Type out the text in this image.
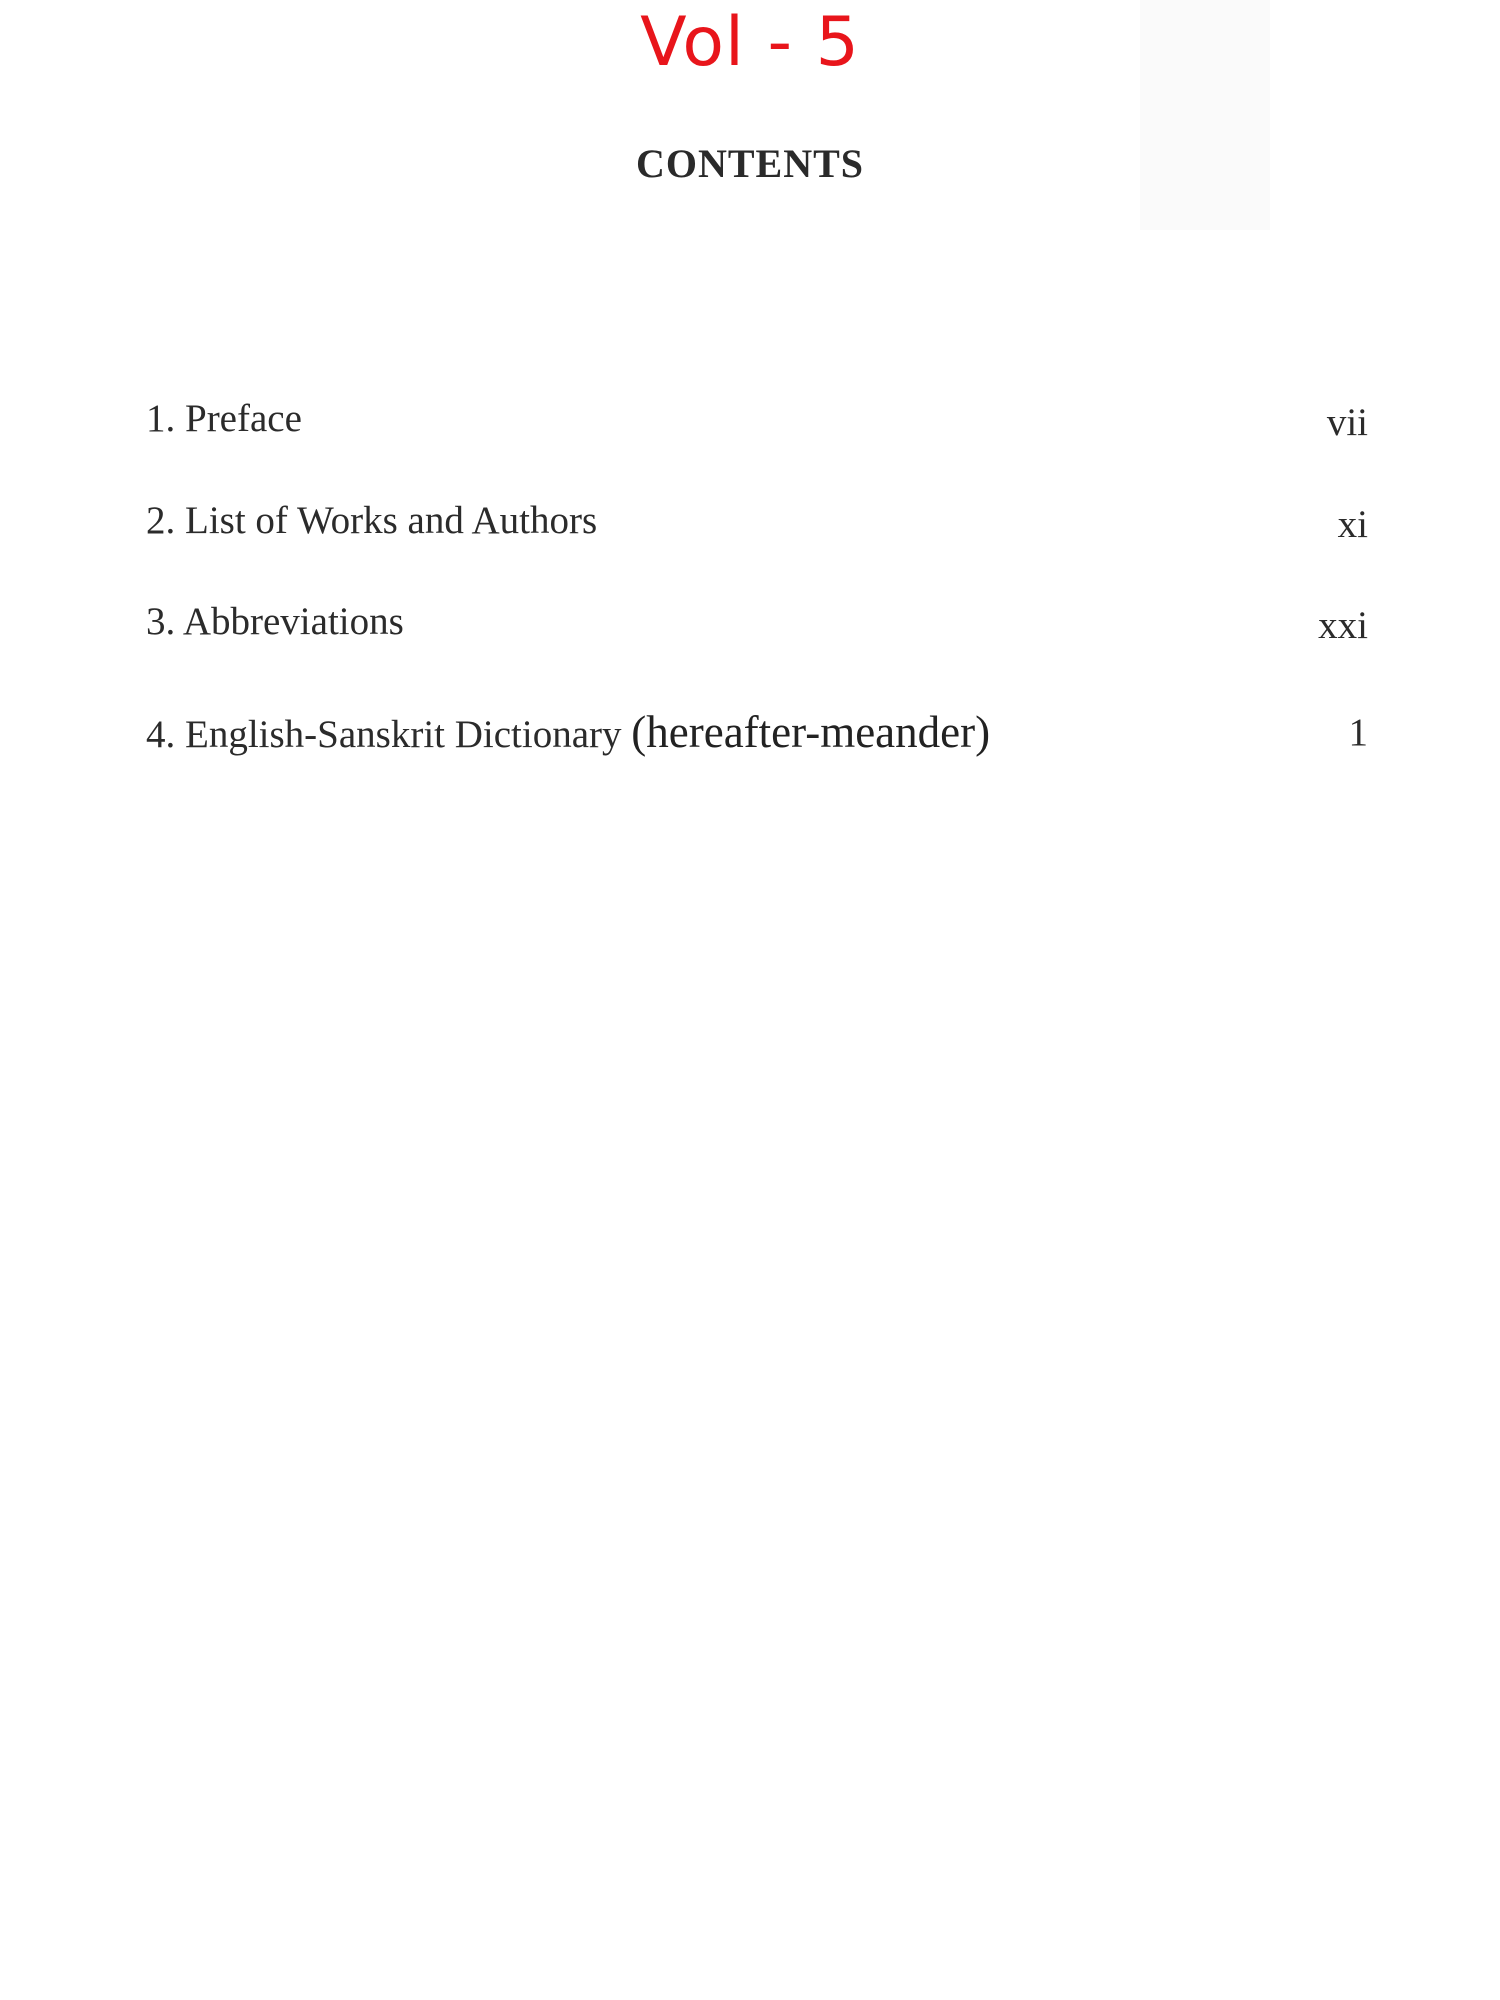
Vol - 5
CONTENTS
1. Preface	vii
2. List of Works and Authors	xi
3. Abbreviations	xxi
4. English-Sanskrit Dictionary (hereafter-meander)	1
